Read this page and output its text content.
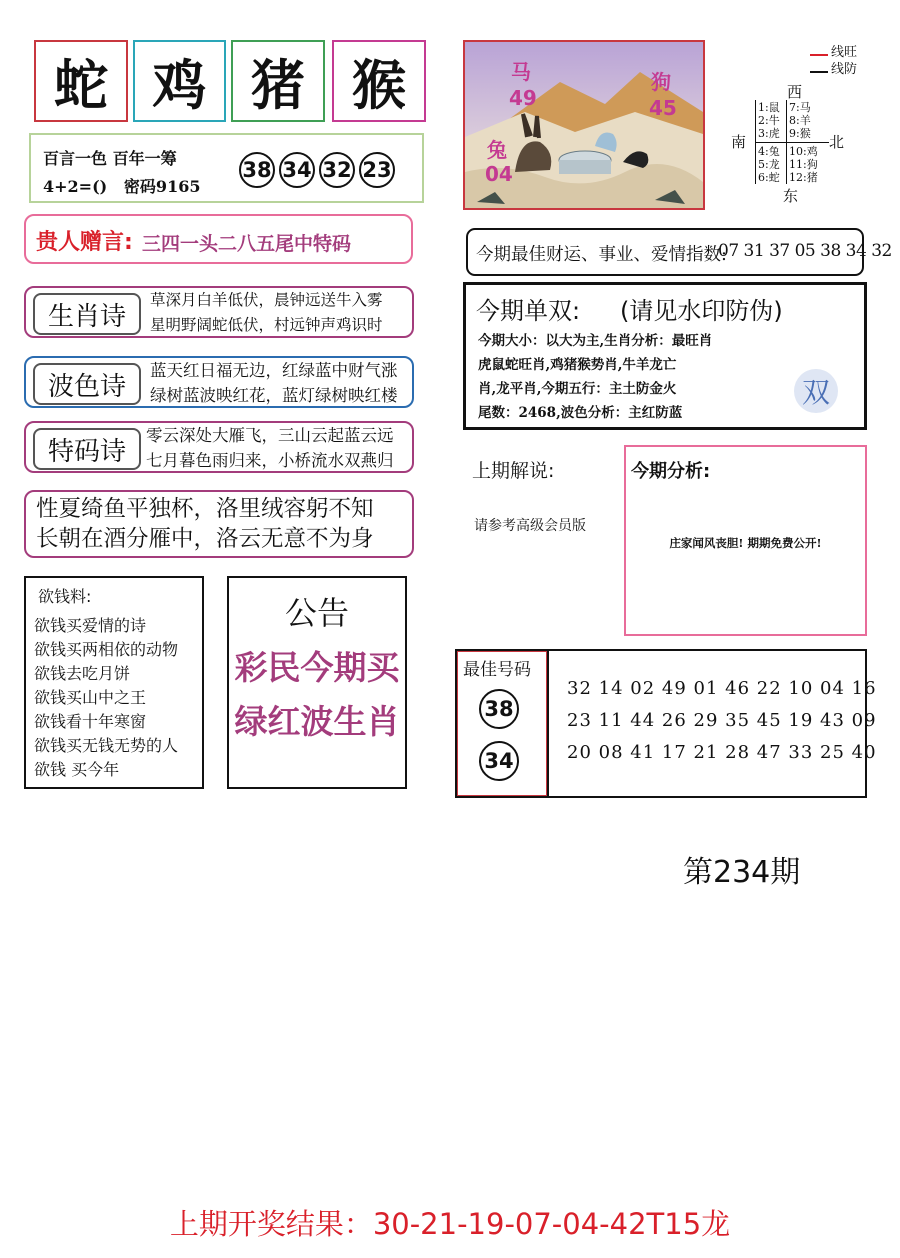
蛇 鸡 猪 猴
百言一色 百年一筹
4+2=()   密码9165
38 34 32 23
贵人赠言: 三四一头二八五尾中特码
生肖诗
草深月白羊低伏，晨钟远送牛入雾
星明野阔蛇低伏，村远钟声鸡识时
波色诗
蓝天红日福无边，红绿蓝中财气涨
绿树蓝波映红花，蓝灯绿树映红楼
特码诗
零云深处大雁飞，三山云起蓝云远
七月暮色雨归来，小桥流水双燕归
性夏绮鱼平独杯，洛里绒容躬不知
长朝在酒分雁中，洛云无意不为身
欲钱料:
欲钱买爱情的诗
欲钱买两相依的动物
欲钱去吃月饼
欲钱买山中之王
欲钱看十年寒窗
欲钱买无钱无势的人
欲钱 买今年
公告
彩民今期买
绿红波生肖
马
49
狗
45
兔
04
线旺
线防
西
南	北
东
1:鼠
2:牛
3:虎
4:兔
5:龙
6:蛇
7:马
8:羊
9:猴
10:鸡
11:狗
12:猪
今期最佳财运、事业、爱情指数:
07 31 37 05 38 34 32
今期单双: (请见水印防伪)
今期大小：以大为主,生肖分析：最旺肖
虎鼠蛇旺肖,鸡猪猴势肖,牛羊龙亡
肖,龙平肖,今期五行：主土防金火
尾数：2468,波色分析：主红防蓝
双
上期解说:
请参考高级会员版
今期分析:
庄家闻风丧胆! 期期免费公开!
最佳号码
38
34
32 14 02 49 01 46 22 10 04 16
23 11 44 26 29 35 45 19 43 09
20 08 41 17 21 28 47 33 25 40
第234期
上期开奖结果：30-21-19-07-04-42T15龙
